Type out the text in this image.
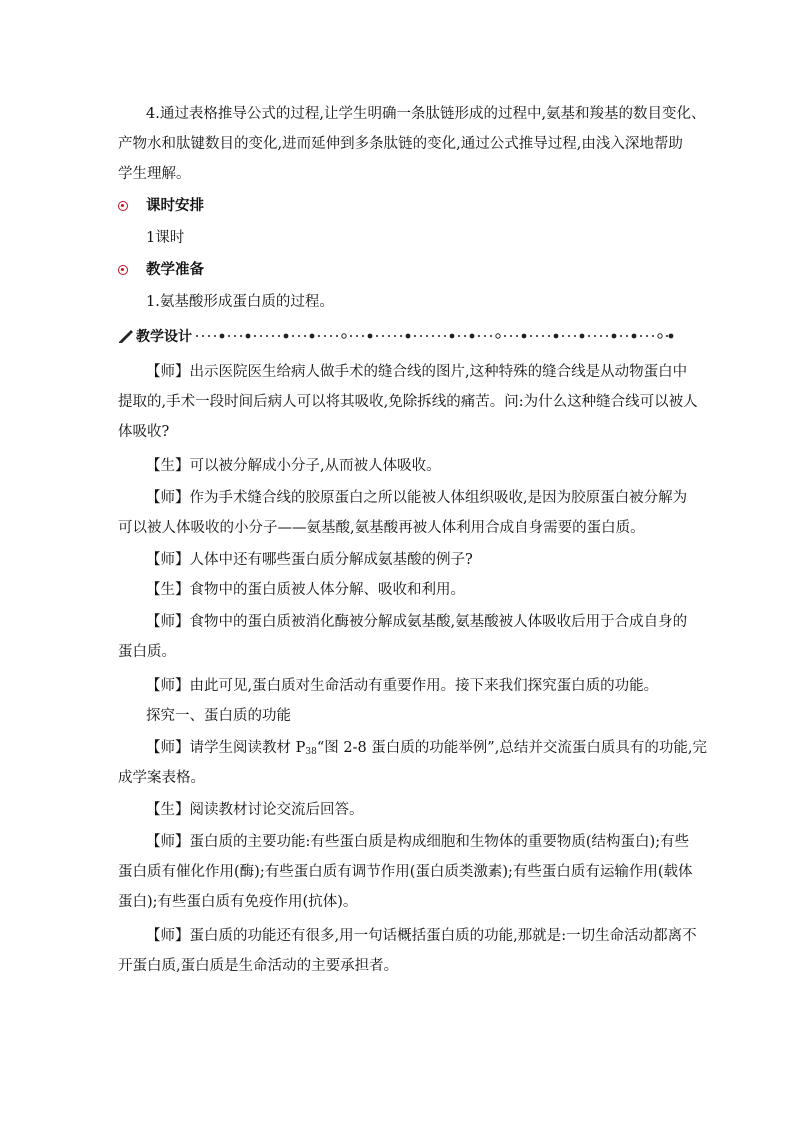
4.通过表格推导公式的过程,让学生明确一条肽链形成的过程中,氨基和羧基的数目变化、
产物水和肽键数目的变化,进而延伸到多条肽链的变化,通过公式推导过程,由浅入深地帮助
学生理解。
课时安排
1课时
教学准备
1.氨基酸形成蛋白质的过程。
教学设计
【师】出示医院医生给病人做手术的缝合线的图片,这种特殊的缝合线是从动物蛋白中
提取的,手术一段时间后病人可以将其吸收,免除拆线的痛苦。问:为什么这种缝合线可以被人
体吸收?
【生】可以被分解成小分子,从而被人体吸收。
【师】作为手术缝合线的胶原蛋白之所以能被人体组织吸收,是因为胶原蛋白被分解为
可以被人体吸收的小分子——氨基酸,氨基酸再被人体利用合成自身需要的蛋白质。
【师】人体中还有哪些蛋白质分解成氨基酸的例子?
【生】食物中的蛋白质被人体分解、吸收和利用。
【师】食物中的蛋白质被消化酶被分解成氨基酸,氨基酸被人体吸收后用于合成自身的
蛋白质。
【师】由此可见,蛋白质对生命活动有重要作用。接下来我们探究蛋白质的功能。
探究一、蛋白质的功能
【师】请学生阅读教材 $P_{38}“$图 2-8 蛋白质的功能举例”,总结并交流蛋白质具有的功能,完
成学案表格。
【生】阅读教材讨论交流后回答。
【师】蛋白质的主要功能:有些蛋白质是构成细胞和生物体的重要物质(结构蛋白);有些
蛋白质有催化作用(酶);有些蛋白质有调节作用(蛋白质类激素);有些蛋白质有运输作用(载体
蛋白);有些蛋白质有免疫作用(抗体)。
【师】蛋白质的功能还有很多,用一句话概括蛋白质的功能,那就是:一切生命活动都离不
开蛋白质,蛋白质是生命活动的主要承担者。
